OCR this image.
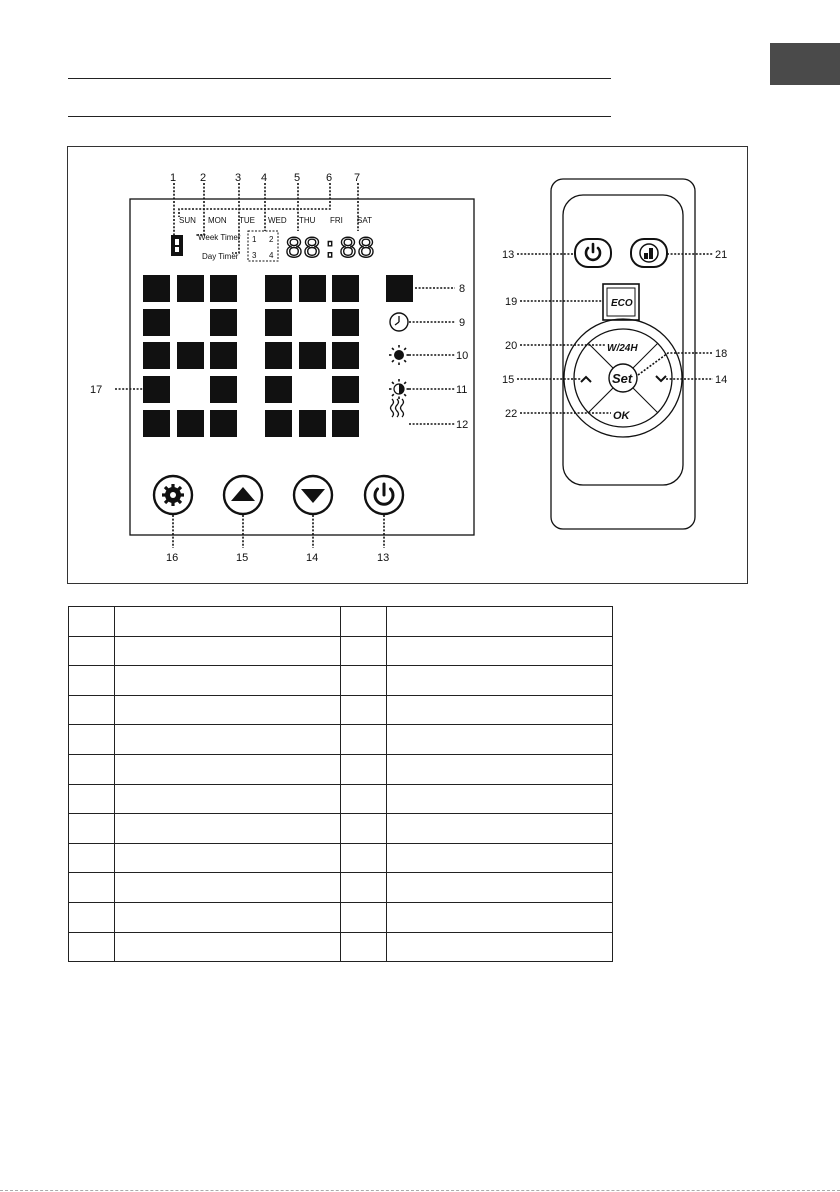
SUN MON TUE WED THU FRI SAT
Week Timer
Day Timer
1 2
3 4 88:88
ECO
W/24H
Set
OK
1 2	3 4 5 6 7
8
9
10
11
12
13
14
15
16
17
13	21
19
20
18
15	14
22
